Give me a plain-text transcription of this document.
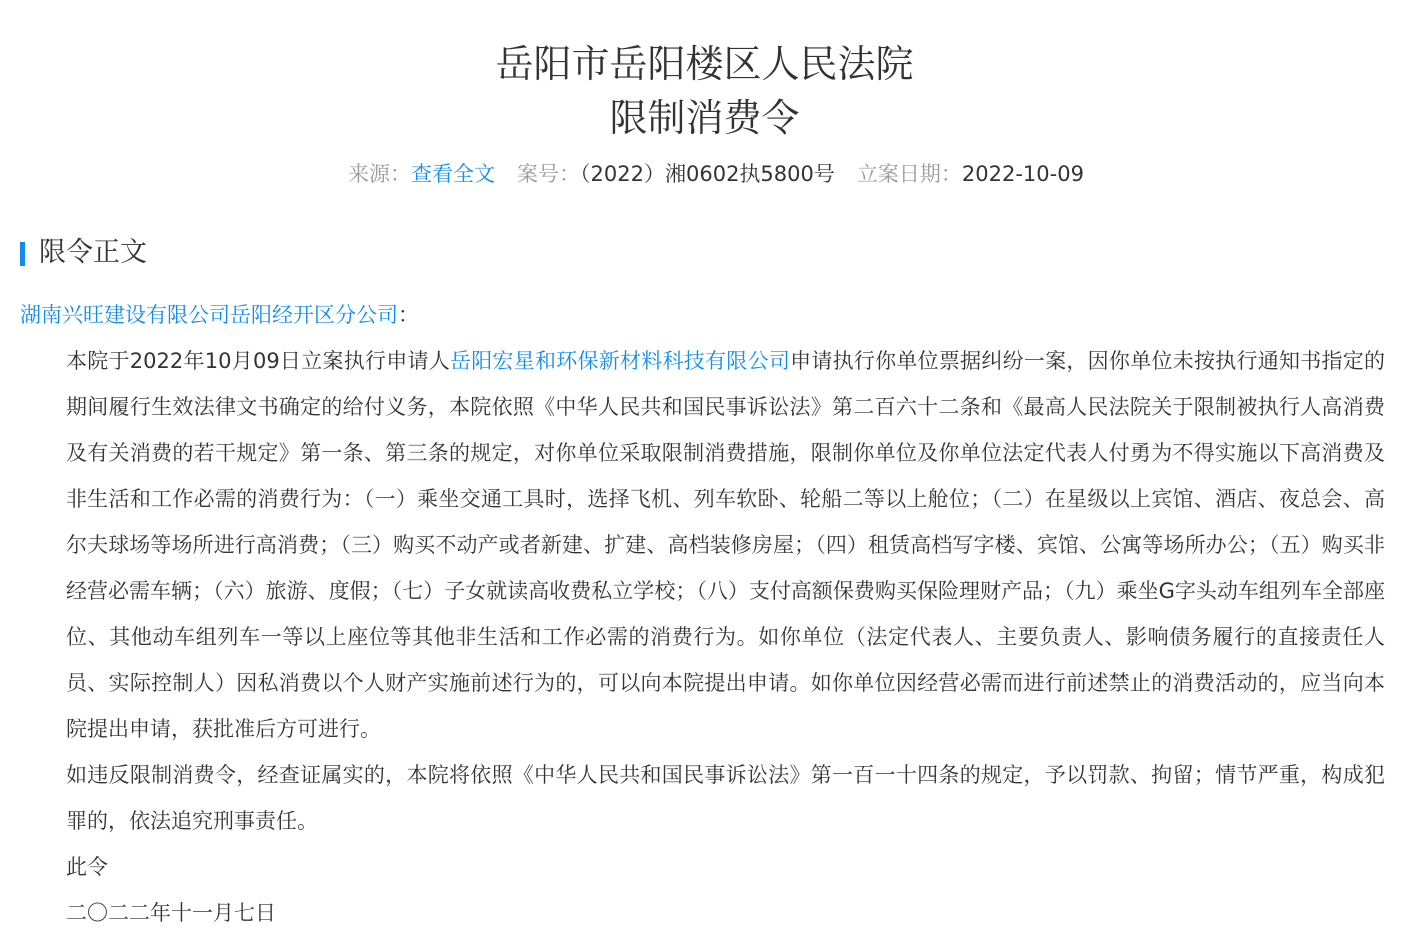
岳阳市岳阳楼区人民法院
限制消费令
来源：查看全文 案号：（2022）湘0602执5800号 立案日期：2022-10-09
限令正文

湖南兴旺建设有限公司岳阳经开区分公司：

本院于2022年10月09日立案执行申请人岳阳宏星和环保新材料科技有限公司申请执行你单位票据纠纷一案，因你单位未按执行通知书指定的期间履行生效法律文书确定的给付义务，本院依照《中华人民共和国民事诉讼法》第二百六十二条和《最高人民法院关于限制被执行人高消费及有关消费的若干规定》第一条、第三条的规定，对你单位采取限制消费措施，限制你单位及你单位法定代表人付勇为不得实施以下高消费及非生活和工作必需的消费行为：（一）乘坐交通工具时，选择飞机、列车软卧、轮船二等以上舱位；（二）在星级以上宾馆、酒店、夜总会、高尔夫球场等场所进行高消费；（三）购买不动产或者新建、扩建、高档装修房屋；（四）租赁高档写字楼、宾馆、公寓等场所办公；（五）购买非经营必需车辆；（六）旅游、度假；（七）子女就读高收费私立学校；（八）支付高额保费购买保险理财产品；（九）乘坐G字头动车组列车全部座位、其他动车组列车一等以上座位等其他非生活和工作必需的消费行为。如你单位（法定代表人、主要负责人、影响债务履行的直接责任人员、实际控制人）因私消费以个人财产实施前述行为的，可以向本院提出申请。如你单位因经营必需而进行前述禁止的消费活动的，应当向本院提出申请，获批准后方可进行。

如违反限制消费令，经查证属实的，本院将依照《中华人民共和国民事诉讼法》第一百一十四条的规定，予以罚款、拘留；情节严重，构成犯罪的，依法追究刑事责任。

此令

二〇二二年十一月七日
